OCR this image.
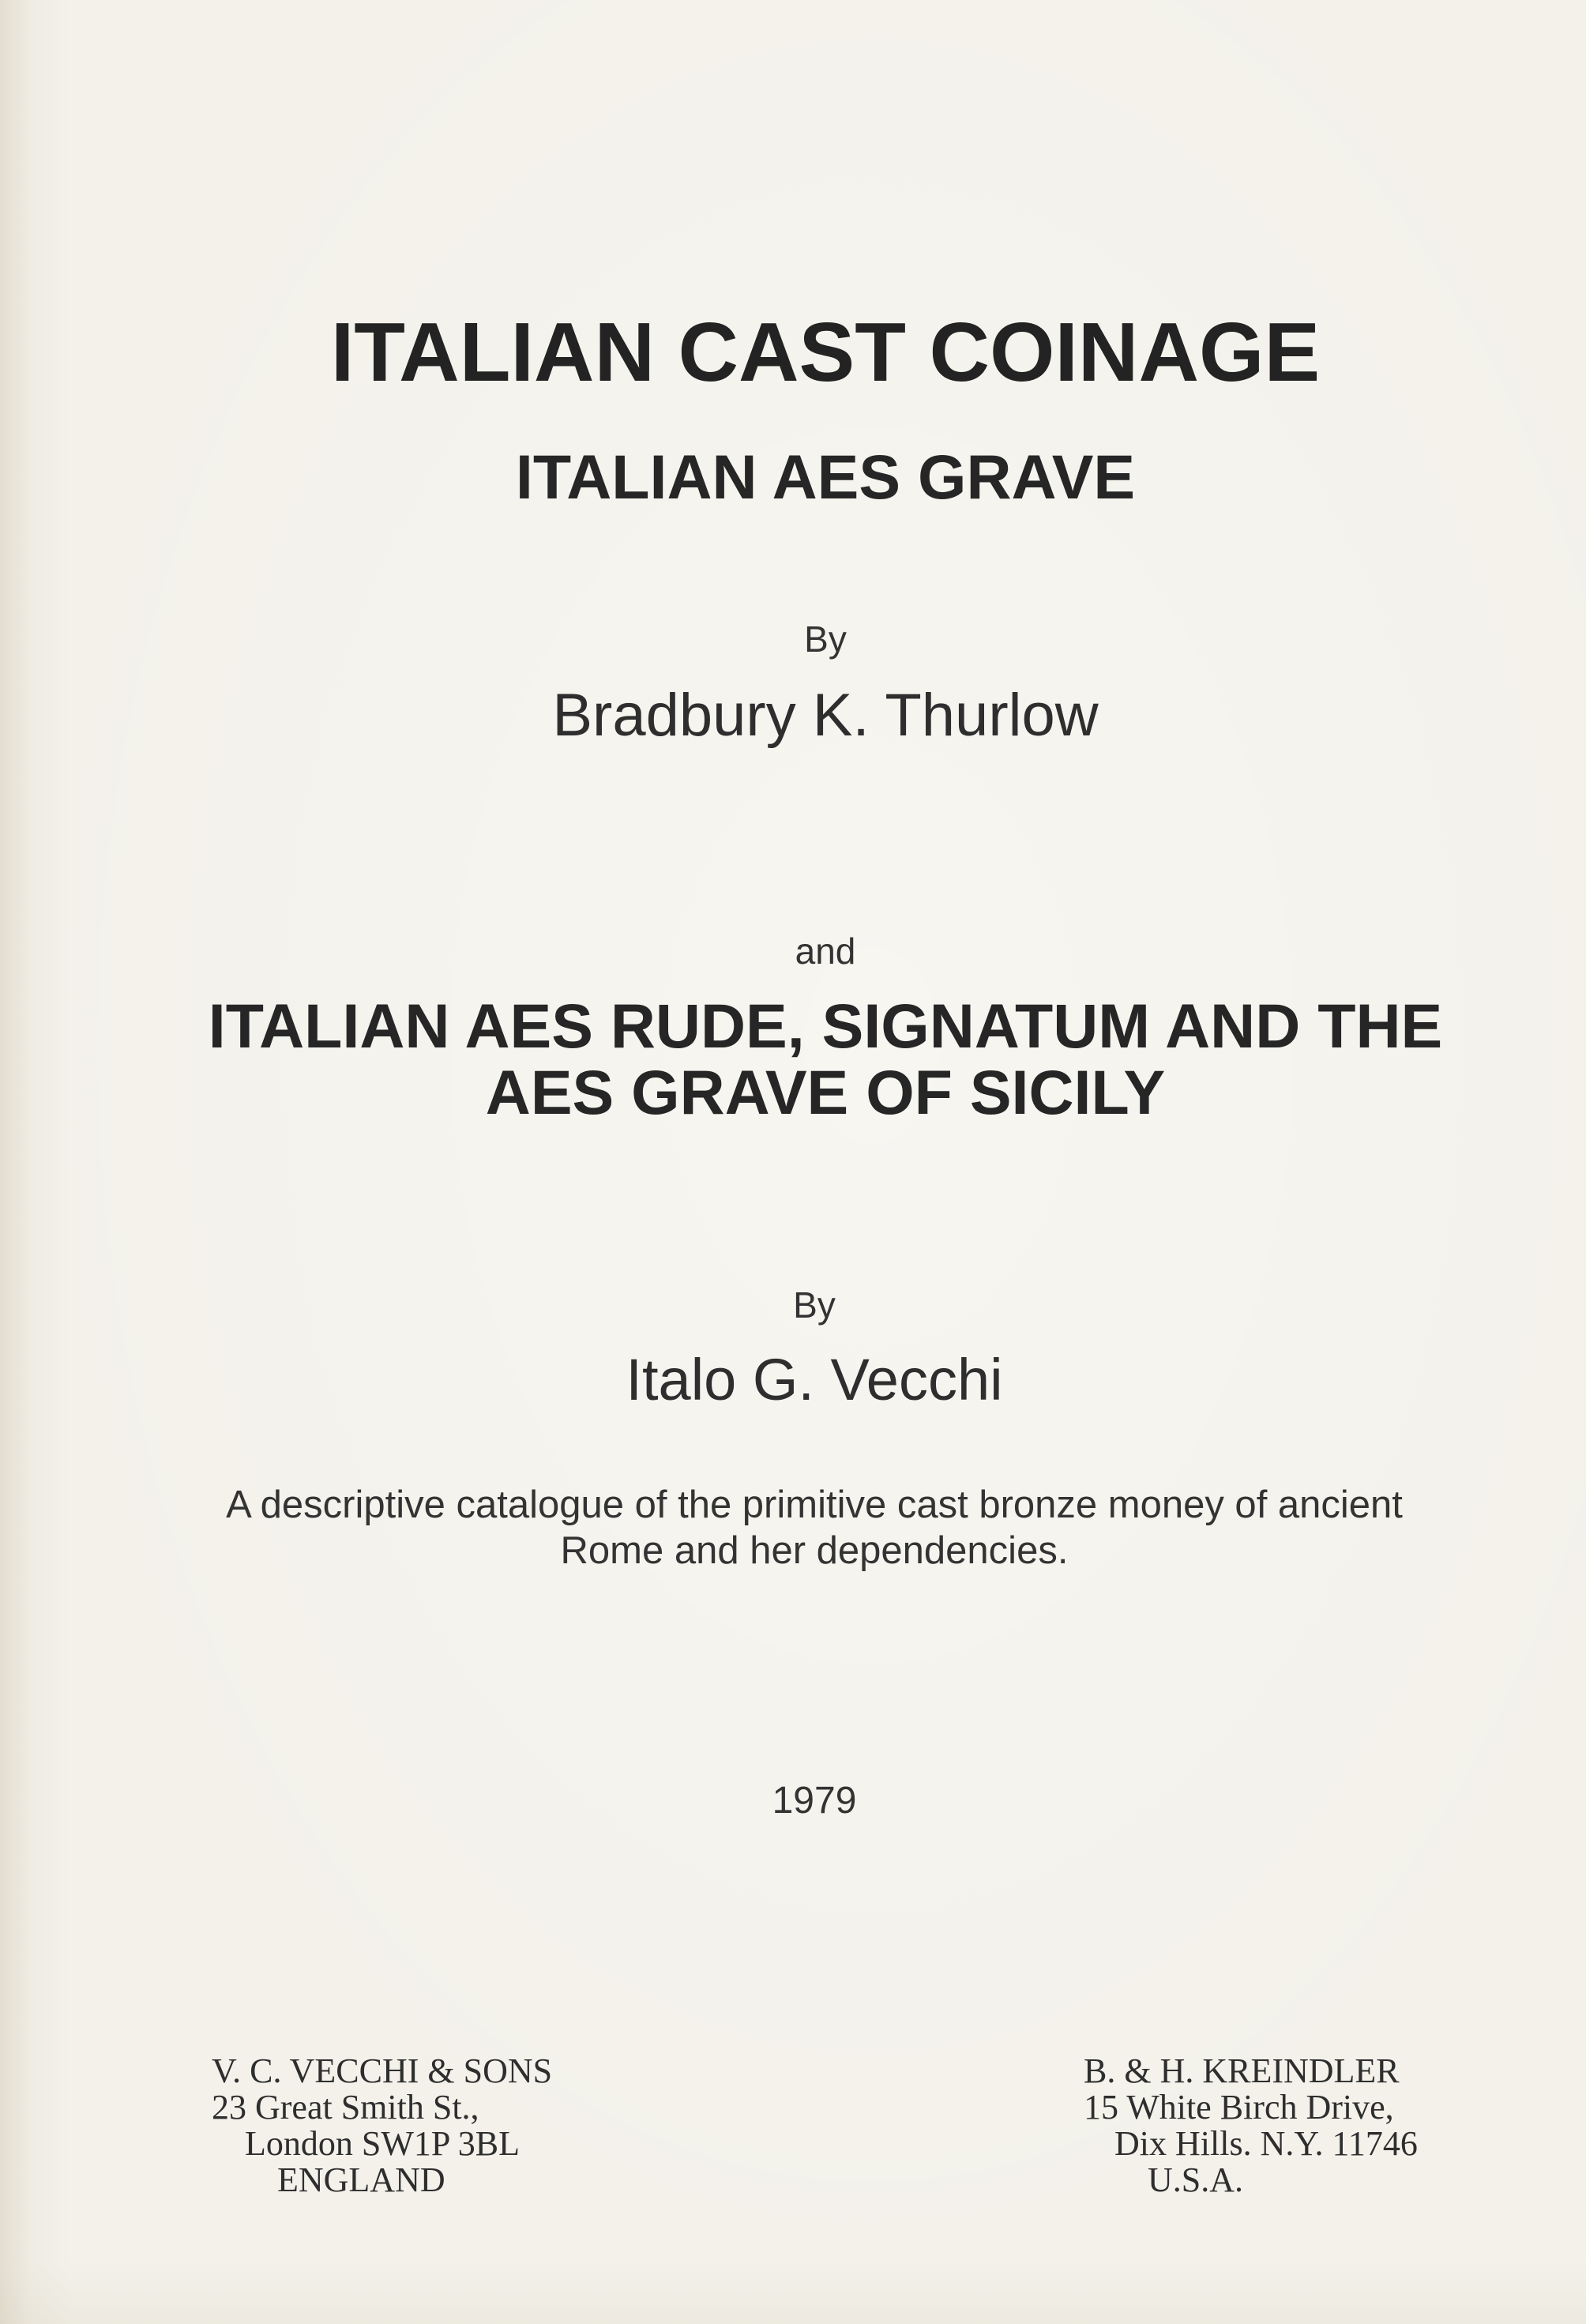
ITALIAN CAST COINAGE
ITALIAN AES GRAVE
By
Bradbury K. Thurlow
and
ITALIAN AES RUDE, SIGNATUM AND THE
AES GRAVE OF SICILY
By
Italo G. Vecchi
A descriptive catalogue of the primitive cast bronze money of ancient
Rome and her dependencies.
1979
V. C. VECCHI & SONS
23 Great Smith St.,
London SW1P 3BL
ENGLAND
B. & H. KREINDLER
15 White Birch Drive,
Dix Hills. N.Y. 11746
U.S.A.
